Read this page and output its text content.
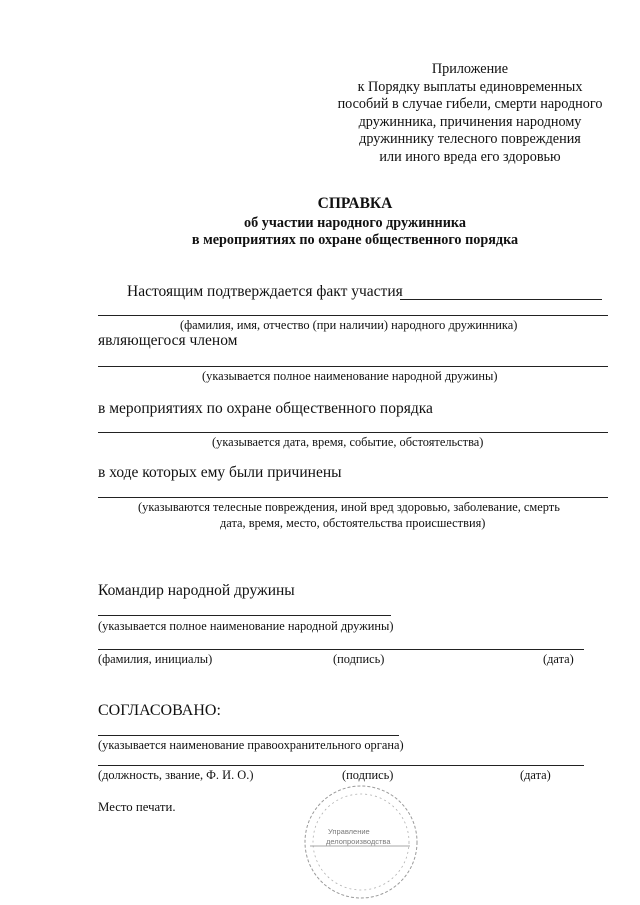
Приложение
к Порядку выплаты единовременных
пособий в случае гибели, смерти народного
дружинника, причинения народному
дружиннику телесного повреждения
или иного вреда его здоровью
СПРАВКА
об участии народного дружинника
в мероприятиях по охране общественного порядка
Настоящим подтверждается факт участия
(фамилия, имя, отчество (при наличии) народного дружинника)
являющегося членом
(указывается полное наименование народной дружины)
в мероприятиях по охране общественного порядка
(указывается дата, время, событие, обстоятельства)
в ходе которых ему были причинены
(указываются телесные повреждения, иной вред здоровью, заболевание, смерть
дата, время, место, обстоятельства происшествия)
Командир народной дружины
(указывается полное наименование народной дружины)
(фамилия, инициалы)	(подпись)	(дата)
СОГЛАСОВАНО:
(указывается наименование правоохранительного органа)
(должность, звание, Ф. И. О.)	(подпись)	(дата)
Место печати.
Управление
делопроизводства
